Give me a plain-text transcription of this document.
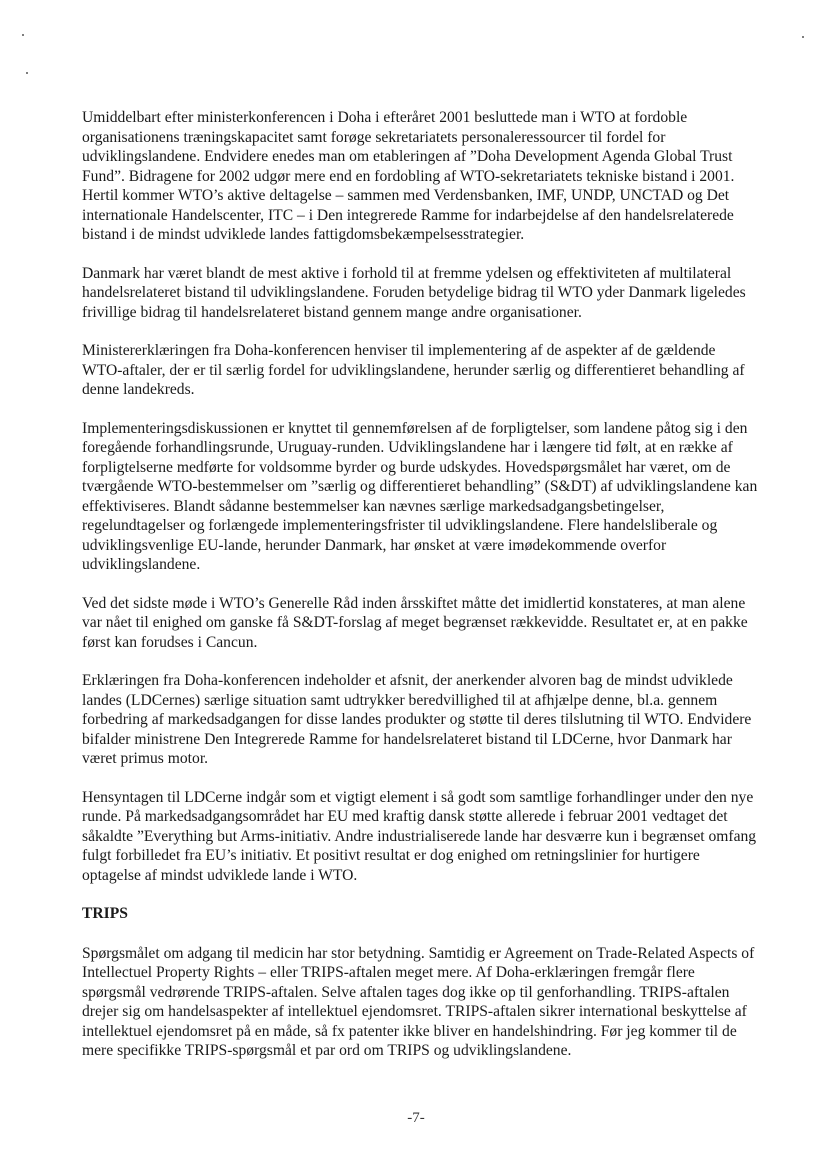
Umiddelbart efter ministerkonferencen i Doha i efteråret 2001 besluttede man i WTO at fordoble organisationens træningskapacitet samt forøge sekretariatets personaleressourcer til fordel for udviklingslandene. Endvidere enedes man om etableringen af ”Doha Development Agenda Global Trust Fund”. Bidragene for 2002 udgør mere end en fordobling af WTO-sekretariatets tekniske bistand i 2001. Hertil kommer WTO’s aktive deltagelse – sammen med Verdensbanken, IMF, UNDP, UNCTAD og Det internationale Handelscenter, ITC – i Den integrerede Ramme for indarbejdelse af den handelsrelaterede bistand i de mindst udviklede landes fattigdomsbekæmpelsesstrategier.

Danmark har været blandt de mest aktive i forhold til at fremme ydelsen og effektiviteten af multilateral handelsrelateret bistand til udviklingslandene. Foruden betydelige bidrag til WTO yder Danmark ligeledes frivillige bidrag til handelsrelateret bistand gennem mange andre organisationer.

Ministererklæringen fra Doha-konferencen henviser til implementering af de aspekter af de gældende WTO-aftaler, der er til særlig fordel for udviklingslandene, herunder særlig og differentieret behandling af denne landekreds.

Implementeringsdiskussionen er knyttet til gennemførelsen af de forpligtelser, som landene påtog sig i den foregående forhandlingsrunde, Uruguay-runden. Udviklingslandene har i længere tid følt, at en række af forpligtelserne medførte for voldsomme byrder og burde udskydes. Hovedspørgsmålet har været, om de tværgående WTO-bestemmelser om ”særlig og differentieret behandling” (S&DT) af udviklingslandene kan effektiviseres. Blandt sådanne bestemmelser kan nævnes særlige markedsadgangsbetingelser, regelundtagelser og forlængede implementeringsfrister til udviklingslandene. Flere handelsliberale og udviklingsvenlige EU-lande, herunder Danmark, har ønsket at være imødekommende overfor udviklingslandene.

Ved det sidste møde i WTO’s Generelle Råd inden årsskiftet måtte det imidlertid konstateres, at man alene var nået til enighed om ganske få S&DT-forslag af meget begrænset rækkevidde. Resultatet er, at en pakke først kan forudses i Cancun.

Erklæringen fra Doha-konferencen indeholder et afsnit, der anerkender alvoren bag de mindst udviklede landes (LDCernes) særlige situation samt udtrykker beredvillighed til at afhjælpe denne, bl.a. gennem forbedring af markedsadgangen for disse landes produkter og støtte til deres tilslutning til WTO. Endvidere bifalder ministrene Den Integrerede Ramme for handelsrelateret bistand til LDCerne, hvor Danmark har været primus motor.

Hensyntagen til LDCerne indgår som et vigtigt element i så godt som samtlige forhandlinger under den nye runde. På markedsadgangsområdet har EU med kraftig dansk støtte allerede i februar 2001 vedtaget det såkaldte ”Everything but Arms-initiativ. Andre industrialiserede lande har desværre kun i begrænset omfang fulgt forbilledet fra EU’s initiativ. Et positivt resultat er dog enighed om retningslinier for hurtigere optagelse af mindst udviklede lande i WTO.

TRIPS

Spørgsmålet om adgang til medicin har stor betydning. Samtidig er Agreement on Trade-Related Aspects of Intellectuel Property Rights – eller TRIPS-aftalen meget mere. Af Doha-erklæringen fremgår flere spørgsmål vedrørende TRIPS-aftalen. Selve aftalen tages dog ikke op til genforhandling. TRIPS-aftalen drejer sig om handelsaspekter af intellektuel ejendomsret. TRIPS-aftalen sikrer international beskyttelse af intellektuel ejendomsret på en måde, så fx patenter ikke bliver en handelshindring. Før jeg kommer til de mere specifikke TRIPS-spørgsmål et par ord om TRIPS og udviklingslandene.

-7-
